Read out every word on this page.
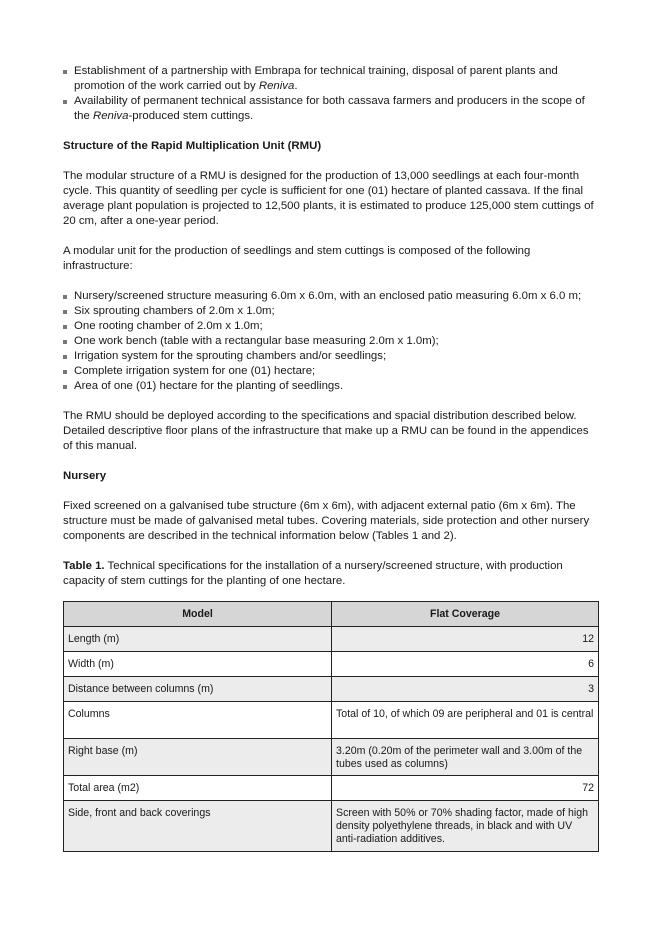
Establishment of a partnership with Embrapa for technical training, disposal of parent plants and promotion of the work carried out by Reniva.
Availability of permanent technical assistance for both cassava farmers and producers in the scope of the Reniva-produced stem cuttings.
Structure of the Rapid Multiplication Unit (RMU)

The modular structure of a RMU is designed for the production of 13,000 seedlings at each four-month cycle. This quantity of seedling per cycle is sufficient for one (01) hectare of planted cassava. If the final average plant population is projected to 12,500 plants, it is estimated to produce 125,000 stem cuttings of 20 cm, after a one-year period.

A modular unit for the production of seedlings and stem cuttings is composed of the following infrastructure:

Nursery/screened structure measuring 6.0m x 6.0m, with an enclosed patio measuring 6.0m x 6.0 m;
Six sprouting chambers of 2.0m x 1.0m;
One rooting chamber of 2.0m x 1.0m;
One work bench (table with a rectangular base measuring 2.0m x 1.0m);
Irrigation system for the sprouting chambers and/or seedlings;
Complete irrigation system for one (01) hectare;
Area of one (01) hectare for the planting of seedlings.

The RMU should be deployed according to the specifications and spacial distribution described below. Detailed descriptive floor plans of the infrastructure that make up a RMU can be found in the appendices of this manual.

Nursery

Fixed screened on a galvanised tube structure (6m x 6m), with adjacent external patio (6m x 6m). The structure must be made of galvanised metal tubes. Covering materials, side protection and other nursery components are described in the technical information below (Tables 1 and 2).

Table 1. Technical specifications for the installation of a nursery/screened structure, with production capacity of stem cuttings for the planting of one hectare.

Model	Flat Coverage
Length (m)	12
Width (m)	6
Distance between columns (m)	3
Columns	Total of 10, of which 09 are peripheral and 01 is central
Right base (m)	3.20m (0.20m of the perimeter wall and 3.00m of the tubes used as columns)
Total area (m2)	72
Side, front and back coverings	Screen with 50% or 70% shading factor, made of high density polyethylene threads, in black and with UV anti-radiation additives.
